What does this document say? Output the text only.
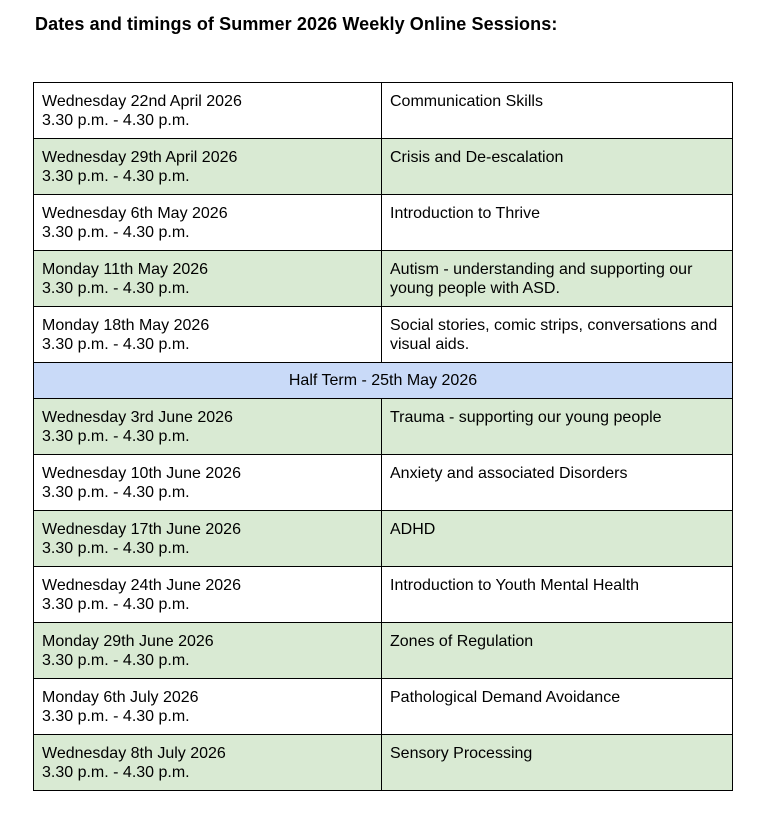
Dates and timings of Summer 2026 Weekly Online Sessions:
Wednesday 22nd April 2026
3.30 p.m. - 4.30 p.m.	Communication Skills

Wednesday 29th April 2026
3.30 p.m. - 4.30 p.m.	Crisis and De-escalation

Wednesday 6th May 2026
3.30 p.m. - 4.30 p.m.	Introduction to Thrive

Monday 11th May 2026
3.30 p.m. - 4.30 p.m.	Autism - understanding and supporting our young people with ASD.

Monday 18th May 2026
3.30 p.m. - 4.30 p.m.	Social stories, comic strips, conversations and visual aids.

Half Term - 25th May 2026	

Wednesday 3rd June 2026
3.30 p.m. - 4.30 p.m.	Trauma - supporting our young people

Wednesday 10th June 2026
3.30 p.m. - 4.30 p.m.	Anxiety and associated Disorders

Wednesday 17th June 2026
3.30 p.m. - 4.30 p.m.	ADHD

Wednesday 24th June 2026
3.30 p.m. - 4.30 p.m.	Introduction to Youth Mental Health

Monday 29th June 2026
3.30 p.m. - 4.30 p.m.	Zones of Regulation

Monday 6th July 2026
3.30 p.m. - 4.30 p.m.	Pathological Demand Avoidance

Wednesday 8th July 2026
3.30 p.m. - 4.30 p.m.	Sensory Processing
